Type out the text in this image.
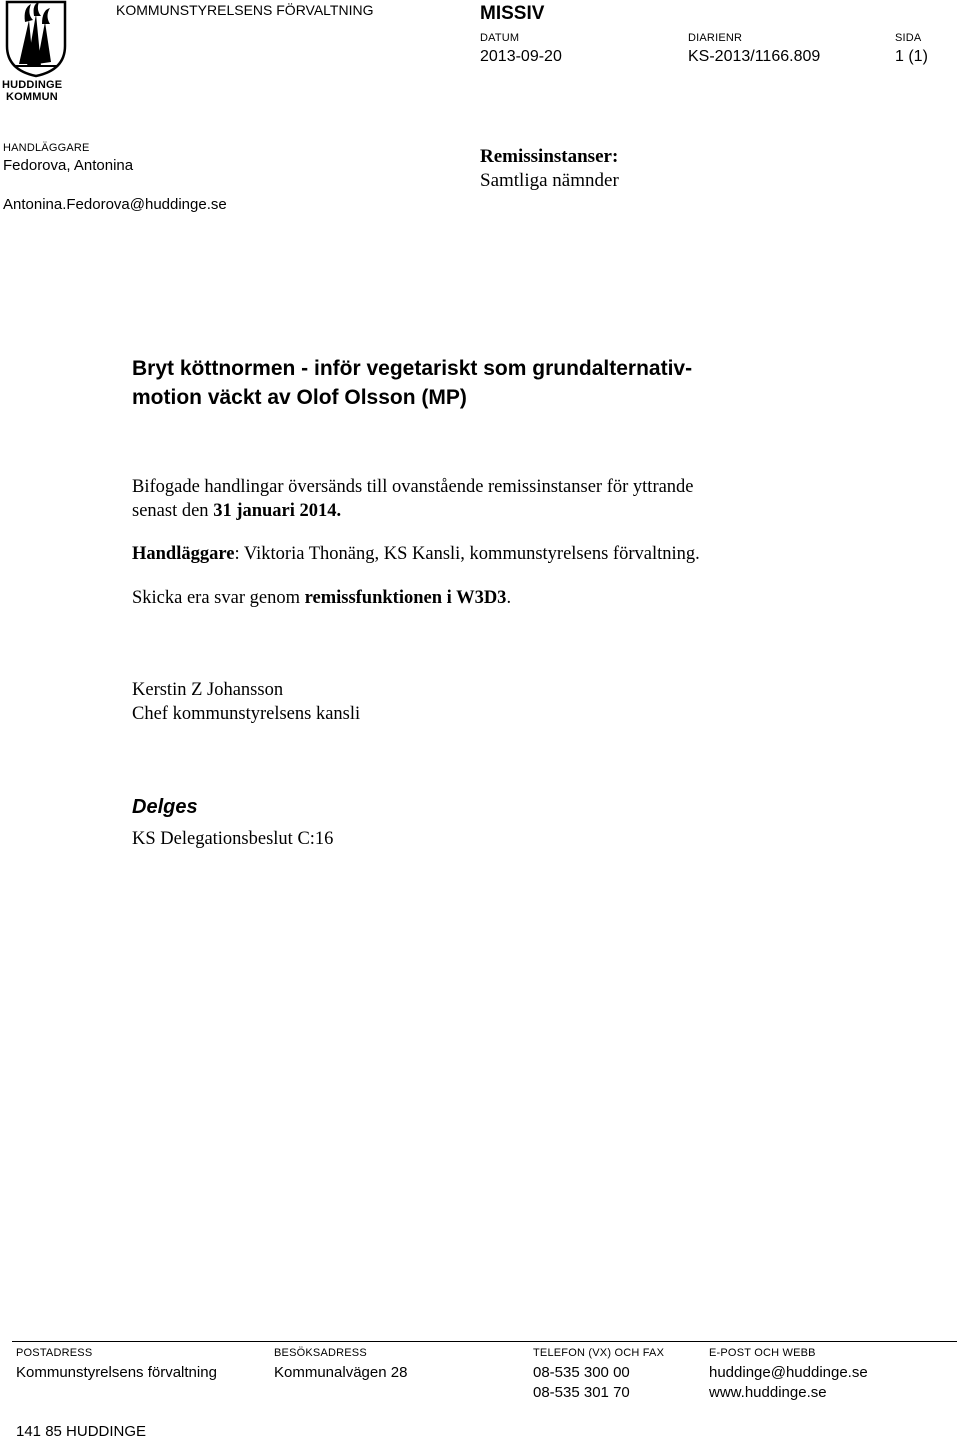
HUDDINGE
KOMMUN
KOMMUNSTYRELSENS FÖRVALTNING	MISSIV
DATUM
2013-09-20
DIARIENR
KS-2013/1166.809
SIDA
1 (1)
HANDLÄGGARE
Fedorova, Antonina
Antonina.Fedorova@huddinge.se
Remissinstanser:
Samtliga nämnder
Bryt köttnormen - inför vegetariskt som grundalternativ-
motion väckt av Olof Olsson (MP)
Bifogade handlingar översänds till ovanstående remissinstanser för yttrande
senast den 31 januari 2014.
Handläggare: Viktoria Thonäng, KS Kansli, kommunstyrelsens förvaltning.
Skicka era svar genom remissfunktionen i W3D3.
Kerstin Z Johansson
Chef kommunstyrelsens kansli
Delges
KS Delegationsbeslut C:16
POSTADRESS
Kommunstyrelsens förvaltning
141 85 HUDDINGE
BESÖKSADRESS
Kommunalvägen 28
TELEFON (VX) OCH FAX
08-535 300 00
08-535 301 70
E-POST OCH WEBB
huddinge@huddinge.se
www.huddinge.se
